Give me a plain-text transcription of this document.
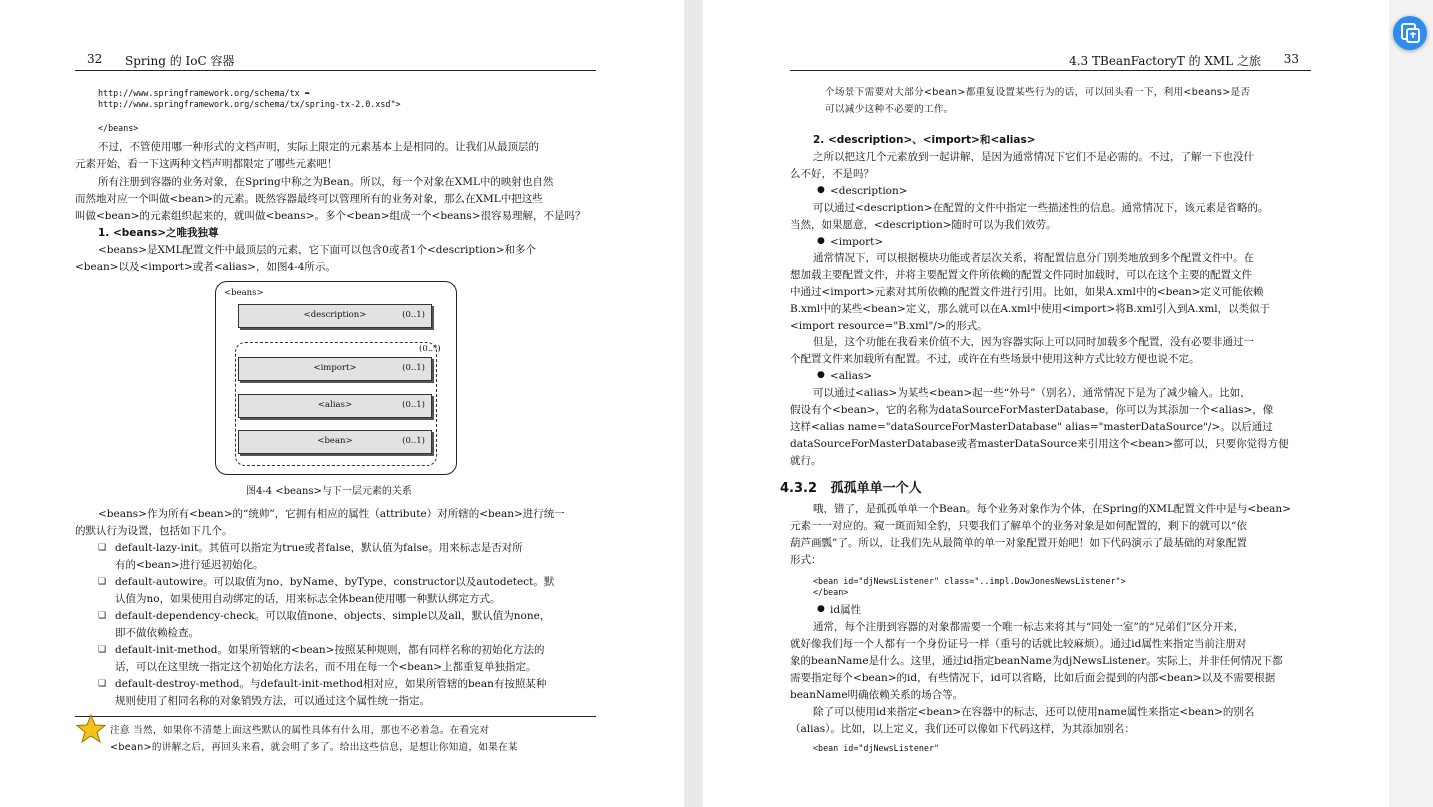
32 Spring 的 IoC 容器
http://www.springframework.org/schema/tx ➥
http://www.springframework.org/schema/tx/spring-tx-2.0.xsd">
</beans>
不过，不管使用哪一种形式的文档声明，实际上限定的元素基本上是相同的。让我们从最顶层的
元素开始，看一下这两种文档声明都限定了哪些元素吧！
所有注册到容器的业务对象，在Spring中称之为Bean。所以，每一个对象在XML中的映射也自然
而然地对应一个叫做<bean>的元素。既然容器最终可以管理所有的业务对象，那么在XML中把这些
叫做<bean>的元素组织起来的，就叫做<beans>。多个<bean>组成一个<beans>很容易理解，不是吗？
1. <beans>之唯我独尊
<beans>是XML配置文件中最顶层的元素，它下面可以包含0或者1个<description>和多个
<bean>以及<import>或者<alias>，如图4-4所示。
图4-4 <beans>与下一层元素的关系
<beans>作为所有<bean>的“统帅”，它拥有相应的属性（attribute）对所辖的<bean>进行统一
的默认行为设置，包括如下几个。
default-lazy-init。其值可以指定为true或者false，默认值为false。用来标志是否对所
有的<bean>进行延迟初始化。
default-autowire。可以取值为no、byName、byType、constructor以及autodetect。默
认值为no，如果使用自动绑定的话，用来标志全体bean使用哪一种默认绑定方式。
default-dependency-check。可以取值none、objects、simple以及all，默认值为none，
即不做依赖检查。
default-init-method。如果所管辖的<bean>按照某种规则，都有同样名称的初始化方法的
话，可以在这里统一指定这个初始化方法名，而不用在每一个<bean>上都重复单独指定。
default-destroy-method。与default-init-method相对应，如果所管辖的bean有按照某种
规则使用了相同名称的对象销毁方法，可以通过这个属性统一指定。
注意 当然，如果你不清楚上面这些默认的属性具体有什么用，那也不必着急。在看完对
<bean>的讲解之后，再回头来看，就会明了多了。给出这些信息，是想让你知道，如果在某
❑
❑
❑
❑
❑
<beans>
<description>	(0..1)
(0..*)
<import>	(0..1)
<alias>	(0..1)
<bean>	(0..1)
4.3 TBeanFactoryT 的 XML 之旅 33
个场景下需要对大部分<bean>都重复设置某些行为的话，可以回头看一下，利用<beans>是否
可以减少这种不必要的工作。
2. <description>、<import>和<alias>
之所以把这几个元素放到一起讲解，是因为通常情况下它们不是必需的。不过，了解一下也没什
么不好，不是吗？
<description>
可以通过<description>在配置的文件中指定一些描述性的信息。通常情况下，该元素是省略的。
当然，如果愿意，<description>随时可以为我们效劳。
<import>
通常情况下，可以根据模块功能或者层次关系，将配置信息分门别类地放到多个配置文件中。在
想加载主要配置文件，并将主要配置文件所依赖的配置文件同时加载时，可以在这个主要的配置文件
中通过<import>元素对其所依赖的配置文件进行引用。比如，如果A.xml中的<bean>定义可能依赖
B.xml中的某些<bean>定义，那么就可以在A.xml中使用<import>将B.xml引入到A.xml，以类似于
<import resource="B.xml"/>的形式。
但是，这个功能在我看来价值不大，因为容器实际上可以同时加载多个配置，没有必要非通过一
个配置文件来加载所有配置。不过，或许在有些场景中使用这种方式比较方便也说不定。
<alias>
可以通过<alias>为某些<bean>起一些“外号”（别名），通常情况下是为了减少输入。比如，
假设有个<bean>，它的名称为dataSourceForMasterDatabase，你可以为其添加一个<alias>，像
这样<alias name="dataSourceForMasterDatabase" alias="masterDataSource"/>。以后通过
dataSourceForMasterDatabase或者masterDataSource来引用这个<bean>都可以，只要你觉得方便
就行。
哦，错了，是孤孤单单一个Bean。每个业务对象作为个体，在Spring的XML配置文件中是与<bean>
元素一一对应的。窥一斑而知全豹，只要我们了解单个的业务对象是如何配置的，剩下的就可以“依
葫芦画瓢”了。所以，让我们先从最简单的单一对象配置开始吧！如下代码演示了最基础的对象配置
形式：
<bean id="djNewsListener" class="..impl.DowJonesNewsListener">
</bean>
id属性
通常，每个注册到容器的对象都需要一个唯一标志来将其与“同处一室”的“兄弟们”区分开来，
就好像我们每一个人都有一个身份证号一样（重号的话就比较麻烦）。通过id属性来指定当前注册对
象的beanName是什么。这里，通过id指定beanName为djNewsListener。实际上，并非任何情况下都
需要指定每个<bean>的id，有些情况下，id可以省略，比如后面会提到的内部<bean>以及不需要根据
beanName明确依赖关系的场合等。
除了可以使用id来指定<bean>在容器中的标志，还可以使用name属性来指定<bean>的别名
（alias）。比如，以上定义，我们还可以像如下代码这样，为其添加别名：
<bean id="djNewsListener"
4.3.2 孤孤单单一个人
●
●
●
●
